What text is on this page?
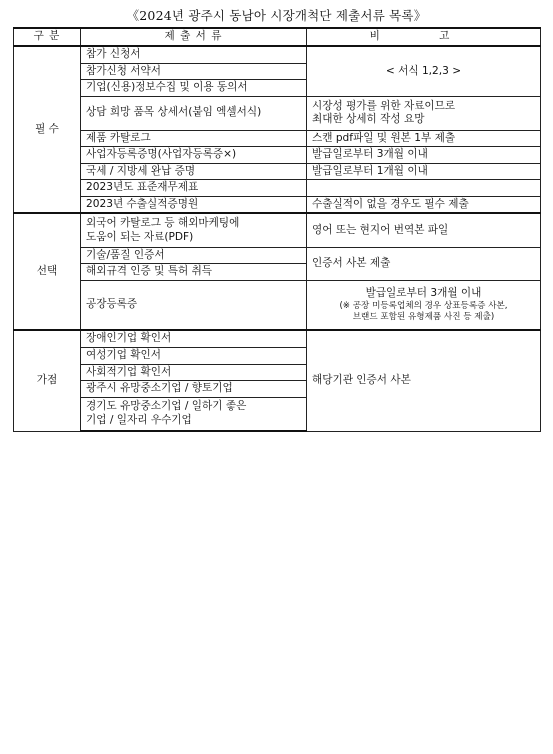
《2024년 광주시 동남아 시장개척단 제출서류 목록》
구 분	제 출 서 류	비 고
필 수	참가 신청서	< 서식 1,2,3 >
	참가신청 서약서	
	기업(신용)정보수집 및 이용 동의서	
	상담 희망 품목 상세서(붙임 엑셀서식)	시장성 평가를 위한 자료이므로
최대한 상세히 작성 요망
	제품 카탈로그	스캔 pdf파일 및 원본 1부 제출
	사업자등록증명(사업자등록증×)	발급일로부터 3개월 이내
	국세 / 지방세 완납 증명	발급일로부터 1개월 이내
	2023년도 표준재무제표	
	2023년 수출실적증명원	수출실적이 없을 경우도 필수 제출
선택	외국어 카탈로그 등 해외마케팅에
도움이 되는 자료(PDF)	영어 또는 현지어 번역본 파일
	기술/품질 인증서	인증서 사본 제출
	해외규격 인증 및 특허 취득	
	공장등록증	발급일로부터 3개월 이내
(※ 공장 미등록업체의 경우 상표등록증 사본,
브랜드 포함된 유형제품 사진 등 제출)

가점	장애인기업 확인서	해당기관 인증서 사본
	여성기업 확인서	
	사회적기업 확인서	
	광주시 유망중소기업 / 향토기업	
	경기도 유망중소기업 / 일하기 좋은
기업 / 일자리 우수기업	
